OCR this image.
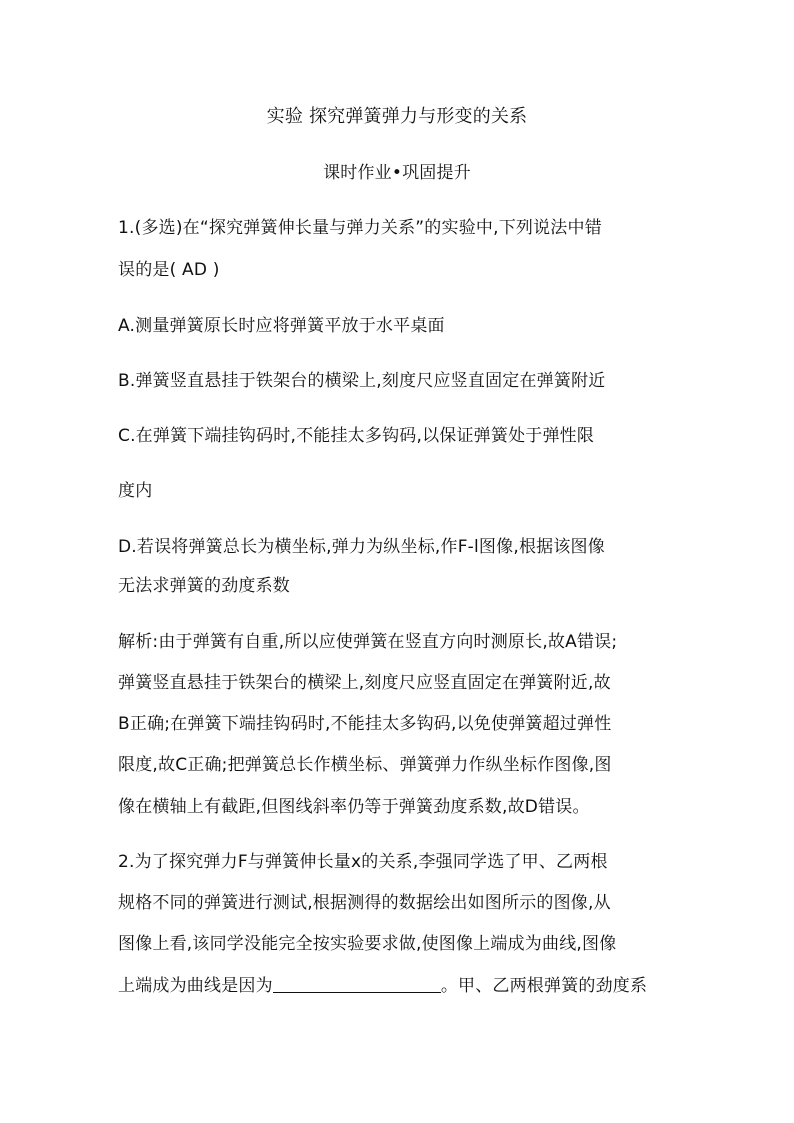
实验 探究弹簧弹力与形变的关系
课时作业•巩固提升
1.(多选)在“探究弹簧伸长量与弹力关系”的实验中,下列说法中错
误的是( AD )
A.测量弹簧原长时应将弹簧平放于水平桌面
B.弹簧竖直悬挂于铁架台的横梁上,刻度尺应竖直固定在弹簧附近
C.在弹簧下端挂钩码时,不能挂太多钩码,以保证弹簧处于弹性限
度内
D.若误将弹簧总长为横坐标,弹力为纵坐标,作F-l图像,根据该图像
无法求弹簧的劲度系数
解析:由于弹簧有自重,所以应使弹簧在竖直方向时测原长,故A错误;
弹簧竖直悬挂于铁架台的横梁上,刻度尺应竖直固定在弹簧附近,故
B正确;在弹簧下端挂钩码时,不能挂太多钩码,以免使弹簧超过弹性
限度,故C正确;把弹簧总长作横坐标、弹簧弹力作纵坐标作图像,图
像在横轴上有截距,但图线斜率仍等于弹簧劲度系数,故D错误。
2.为了探究弹力F与弹簧伸长量x的关系,李强同学选了甲、乙两根
规格不同的弹簧进行测试,根据测得的数据绘出如图所示的图像,从
图像上看,该同学没能完全按实验要求做,使图像上端成为曲线,图像
上端成为曲线是因为	。甲、乙两根弹簧的劲度系
